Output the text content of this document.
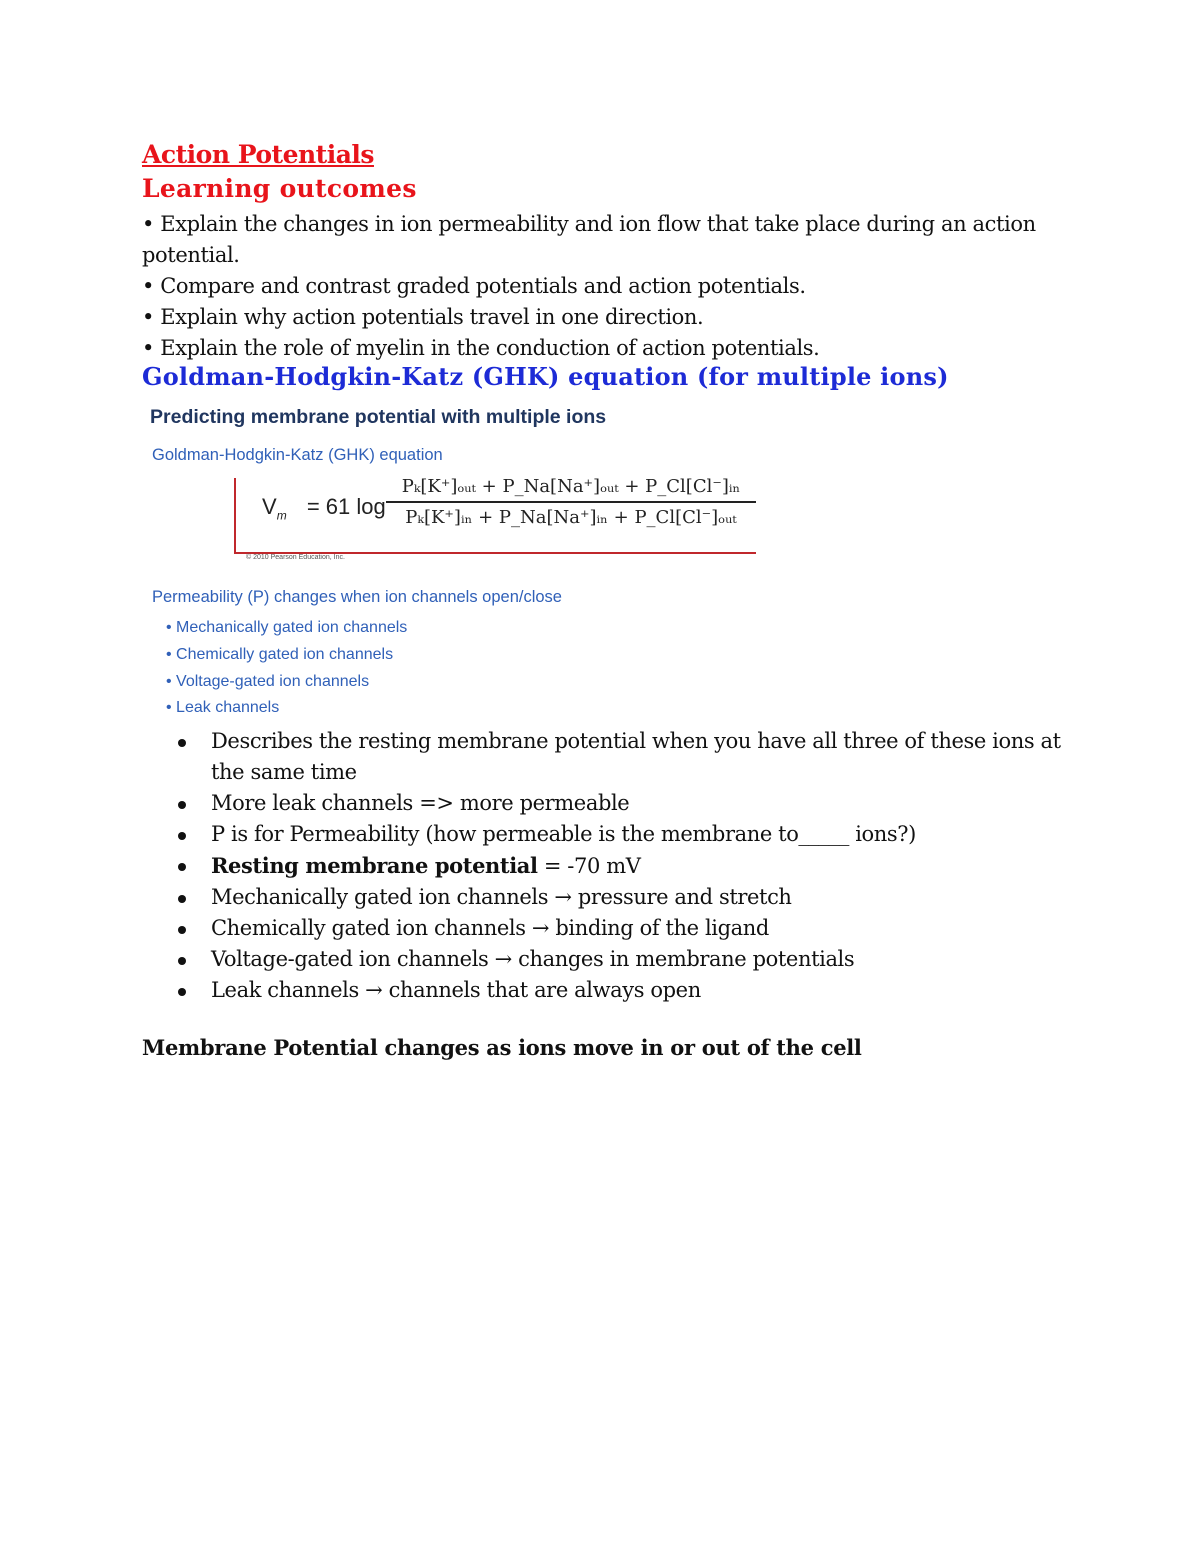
Action Potentials
Learning outcomes
• Explain the changes in ion permeability and ion flow that take place during an action potential.
• Compare and contrast graded potentials and action potentials.
• Explain why action potentials travel in one direction.
• Explain the role of myelin in the conduction of action potentials.
Goldman-Hodgkin-Katz (GHK) equation (for multiple ions)
Predicting membrane potential with multiple ions
Goldman-Hodgkin-Katz (GHK) equation
$V_m = 61$ log
Pₖ[K⁺]ₒᵤₜ + P_Na[Na⁺]ₒᵤₜ + P_Cl[Cl⁻]ᵢₙ
Pₖ[K⁺]ᵢₙ + P_Na[Na⁺]ᵢₙ + P_Cl[Cl⁻]ₒᵤₜ
© 2010 Pearson Education, Inc.
Permeability (P) changes when ion channels open/close
• Mechanically gated ion channels
• Chemically gated ion channels
• Voltage-gated ion channels
• Leak channels
Describes the resting membrane potential when you have all three of these ions at the same time
More leak channels => more permeable
P is for Permeability (how permeable is the membrane to_____ ions?)
Resting membrane potential = -70 mV
Mechanically gated ion channels → pressure and stretch
Chemically gated ion channels → binding of the ligand
Voltage-gated ion channels → changes in membrane potentials
Leak channels → channels that are always open
Membrane Potential changes as ions move in or out of the cell
